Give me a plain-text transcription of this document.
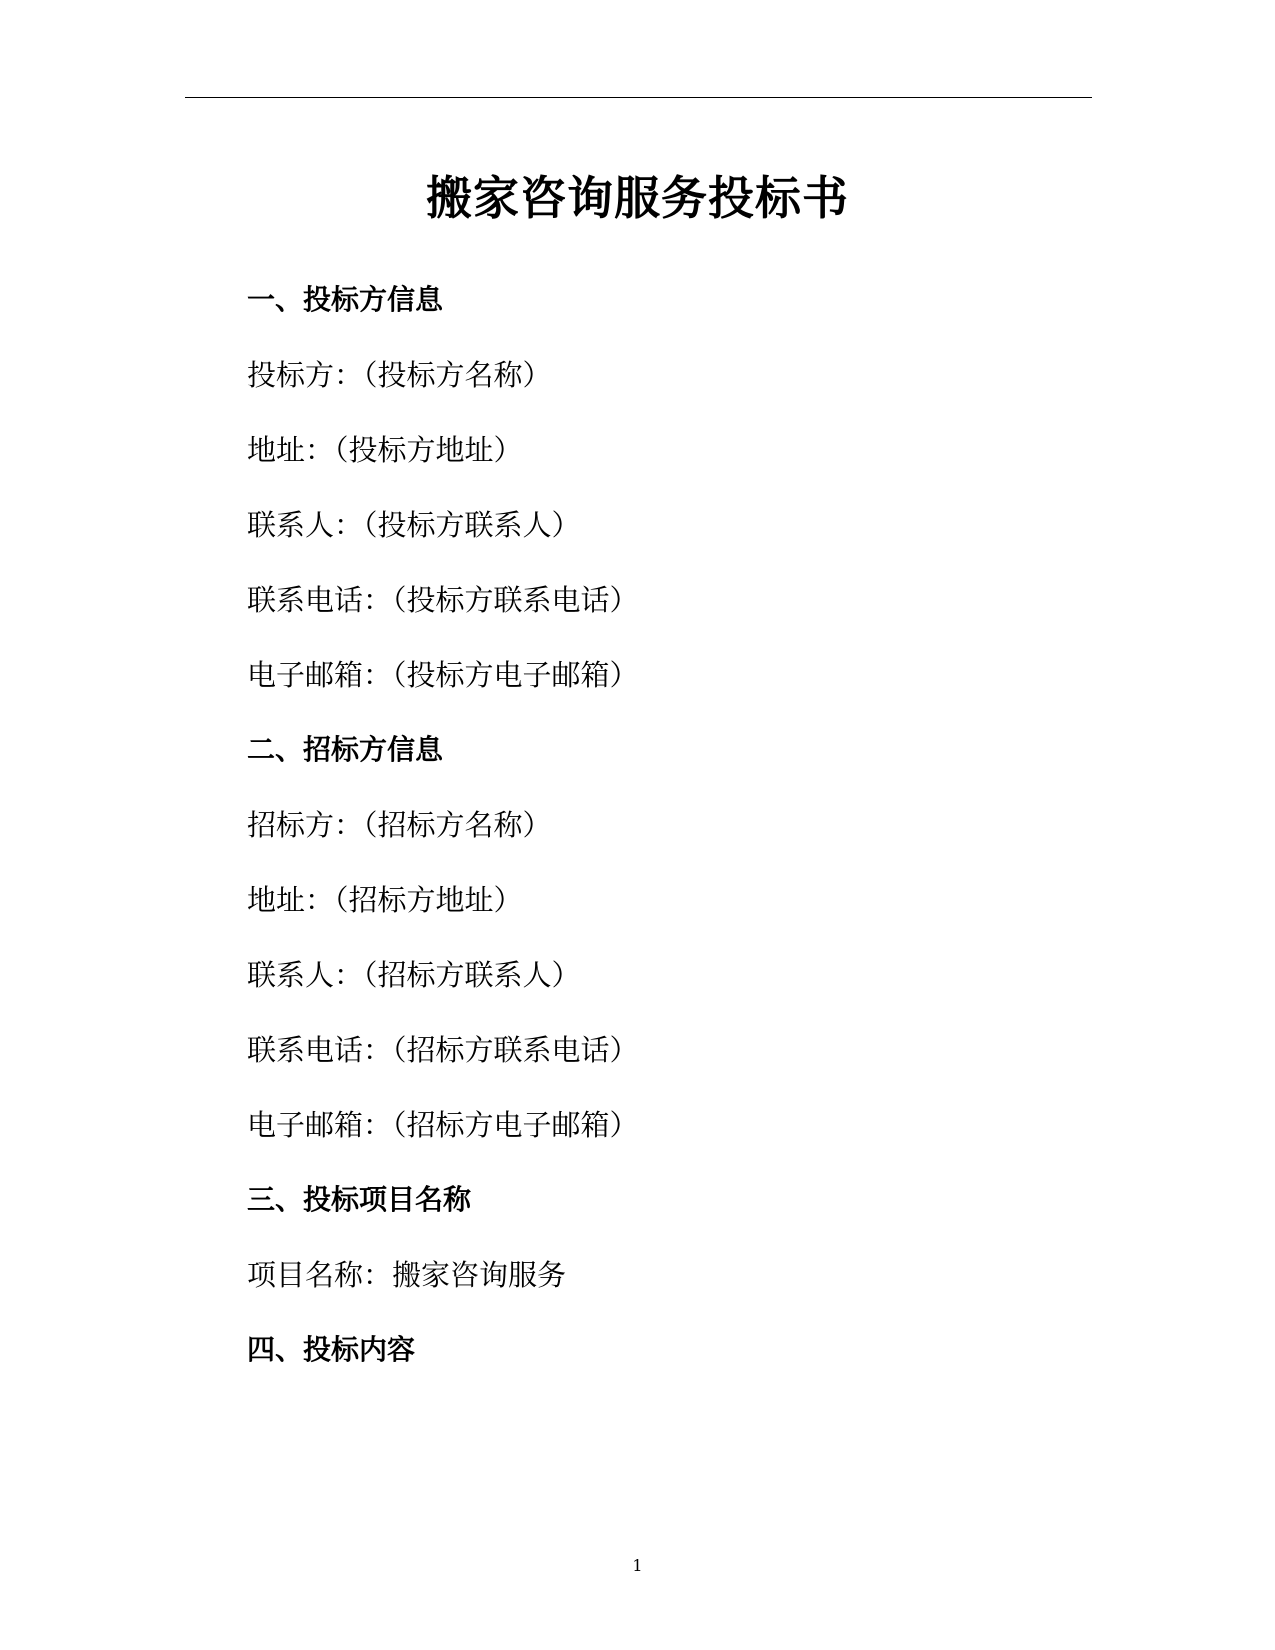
搬家咨询服务投标书
一、投标方信息
投标方：（投标方名称）
地址：（投标方地址）
联系人：（投标方联系人）
联系电话：（投标方联系电话）
电子邮箱：（投标方电子邮箱）
二、招标方信息
招标方：（招标方名称）
地址：（招标方地址）
联系人：（招标方联系人）
联系电话：（招标方联系电话）
电子邮箱：（招标方电子邮箱）
三、投标项目名称
项目名称：搬家咨询服务
四、投标内容
1
